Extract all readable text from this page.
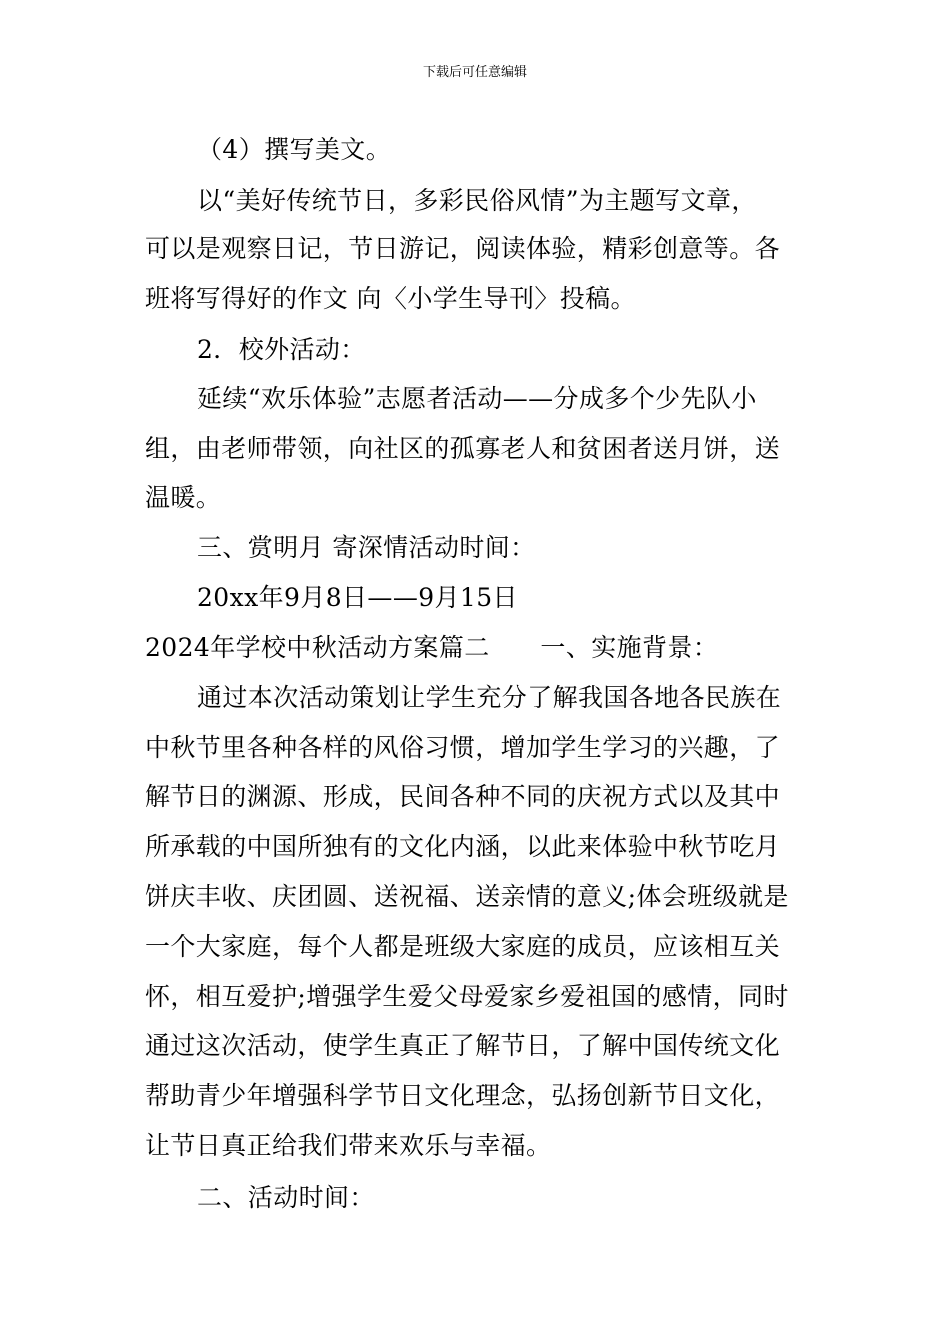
下载后可任意编辑
（4）撰写美文。
以“美好传统节日，多彩民俗风情”为主题写文章，
可以是观察日记，节日游记，阅读体验，精彩创意等。各
班将写得好的作文 向〈小学生导刊〉投稿。
2．校外活动：
延续“欢乐体验”志愿者活动——分成多个少先队小
组，由老师带领，向社区的孤寡老人和贫困者送月饼，送
温暖。
三、赏明月 寄深情活动时间：
20xx年9月8日——9月15日
2024年学校中秋活动方案篇二　　一、实施背景：
通过本次活动策划让学生充分了解我国各地各民族在
中秋节里各种各样的风俗习惯，增加学生学习的兴趣，了
解节日的渊源、形成，民间各种不同的庆祝方式以及其中
所承载的中国所独有的文化内涵，以此来体验中秋节吃月
饼庆丰收、庆团圆、送祝福、送亲情的意义;体会班级就是
一个大家庭，每个人都是班级大家庭的成员，应该相互关
怀，相互爱护;增强学生爱父母爱家乡爱祖国的感情，同时
通过这次活动，使学生真正了解节日，了解中国传统文化
帮助青少年增强科学节日文化理念，弘扬创新节日文化，
让节日真正给我们带来欢乐与幸福。
二、活动时间：
